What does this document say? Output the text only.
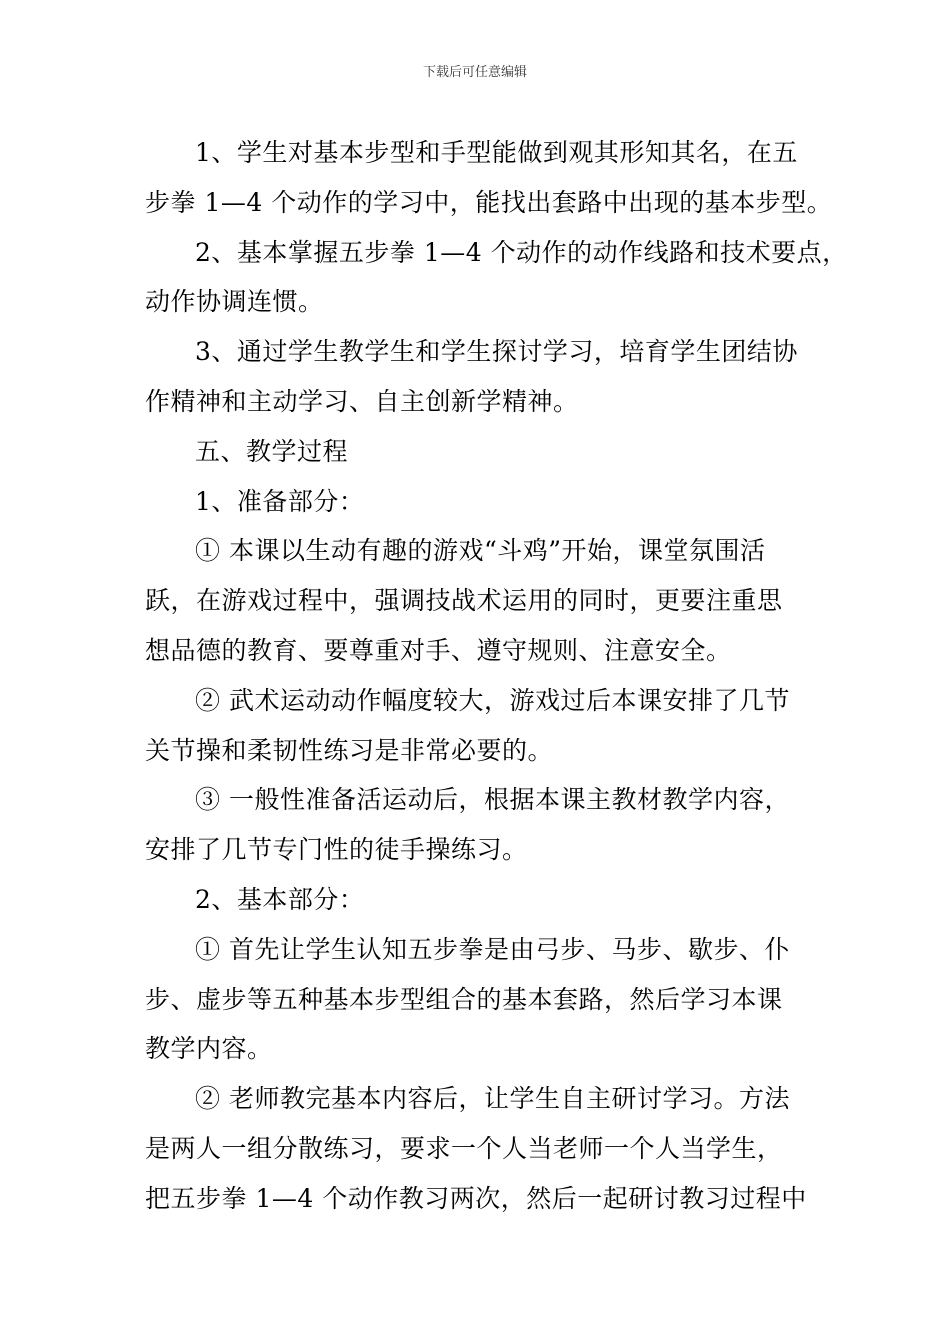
下载后可任意编辑
1、学生对基本步型和手型能做到观其形知其名，在五
步拳 1—4 个动作的学习中，能找出套路中出现的基本步型。
2、基本掌握五步拳 1—4 个动作的动作线路和技术要点，
动作协调连惯。
3、通过学生教学生和学生探讨学习，培育学生团结协
作精神和主动学习、自主创新学精神。
五、教学过程
1、准备部分：
① 本课以生动有趣的游戏“斗鸡”开始，课堂氛围活
跃，在游戏过程中，强调技战术运用的同时，更要注重思
想品德的教育、要尊重对手、遵守规则、注意安全。
② 武术运动动作幅度较大，游戏过后本课安排了几节
关节操和柔韧性练习是非常必要的。
③ 一般性准备活运动后，根据本课主教材教学内容，
安排了几节专门性的徒手操练习。
2、基本部分：
① 首先让学生认知五步拳是由弓步、马步、歇步、仆
步、虚步等五种基本步型组合的基本套路，然后学习本课
教学内容。
② 老师教完基本内容后，让学生自主研讨学习。方法
是两人一组分散练习，要求一个人当老师一个人当学生，
把五步拳 1—4 个动作教习两次，然后一起研讨教习过程中
